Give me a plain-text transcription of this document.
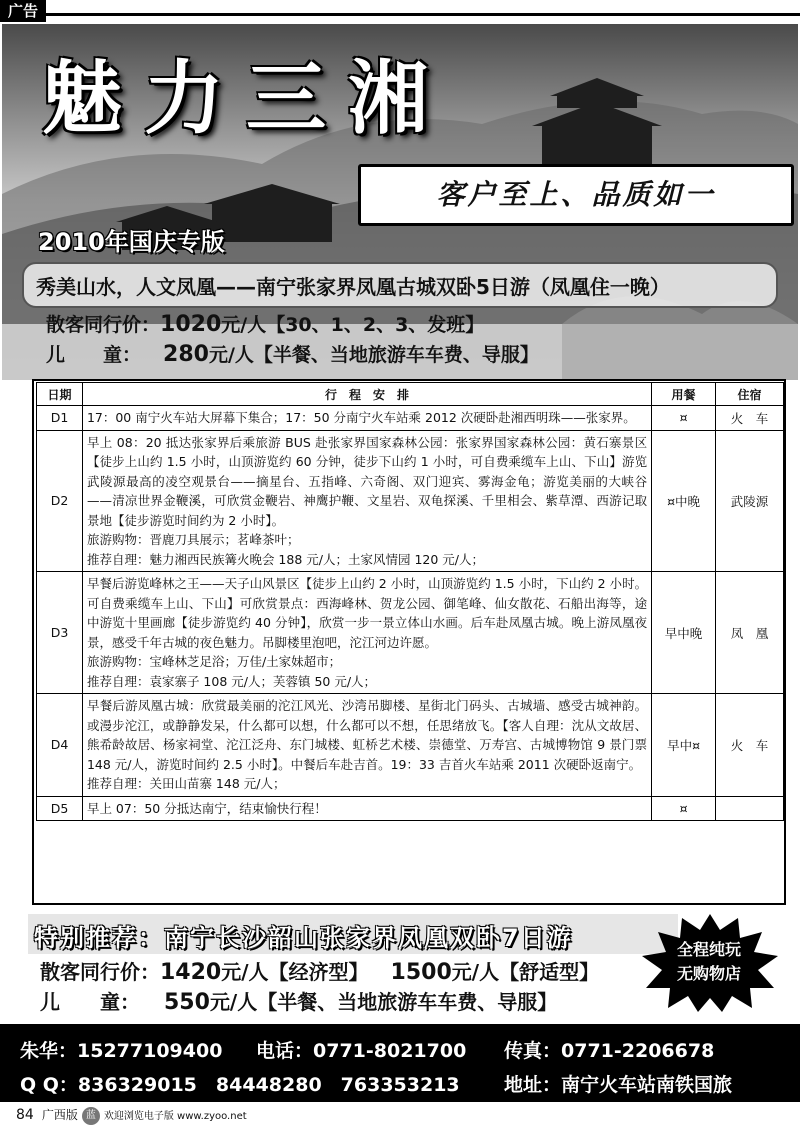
广告
魅力三湘
客户至上、品质如一
2010年国庆专版
秀美山水，人文凤凰——南宁张家界凤凰古城双卧5日游（凤凰住一晚）
散客同行价：1020元/人【30、1、2、3、发班】
儿　　童： 280元/人【半餐、当地旅游车车费、导服】
日期	行　程　安　排	用餐	住宿
D1	17：00 南宁火车站大屏幕下集合；17：50 分南宁火车站乘 2012 次硬卧赴湘西明珠——张家界。	¤	火　车
D2	早上 08：20 抵达张家界后乘旅游 BUS 赴张家界国家森林公园：张家界国家森林公园：黄石寨景区【徒步上山约 1.5 小时，山顶游览约 60 分钟，徒步下山约 1 小时，可自费乘缆车上山、下山】游览武陵源最高的凌空观景台——摘星台、五指峰、六奇阁、双门迎宾、雾海金龟；游览美丽的大峡谷——清凉世界金鞭溪，可欣赏金鞭岩、神鹰护鞭、文星岩、双龟探溪、千里相会、紫草潭、西游记取景地【徒步游览时间约为 2 小时】。
旅游购物：晋鹿刀具展示；茗峰茶叶；
推荐自理：魅力湘西民族篝火晚会 188 元/人；土家风情园 120 元/人；	¤中晚	武陵源
D3	早餐后游览峰林之王——天子山风景区【徒步上山约 2 小时，山顶游览约 1.5 小时，下山约 2 小时。可自费乘缆车上山、下山】可欣赏景点：西海峰林、贺龙公园、御笔峰、仙女散花、石船出海等，途中游览十里画廊【徒步游览约 40 分钟】，欣赏一步一景立体山水画。后车赴凤凰古城。晚上游凤凰夜景，感受千年古城的夜色魅力。吊脚楼里泡吧，沱江河边许愿。
旅游购物：宝峰林芝足浴；万佳/土家妹超市；
推荐自理：袁家寨子 108 元/人；芙蓉镇 50 元/人；	早中晚	凤　凰
D4	早餐后游凤凰古城：欣赏最美丽的沱江风光、沙湾吊脚楼、星街北门码头、古城墙、感受古城神韵。或漫步沱江，或静静发呆，什么都可以想，什么都可以不想，任思绪放飞。【客人自理：沈从文故居、熊希龄故居、杨家祠堂、沱江泛舟、东门城楼、虹桥艺术楼、崇德堂、万寿宫、古城博物馆 9 景门票 148 元/人，游览时间约 2.5 小时】。中餐后车赴吉首。19：33 吉首火车站乘 2011 次硬卧返南宁。
推荐自理：关田山苗寨 148 元/人；	早中¤	火　车
D5	早上 07：50 分抵达南宁，结束愉快行程！	¤	
特别推荐：南宁长沙韶山张家界凤凰双卧7日游
散客同行价：1420元/人【经济型】 1500元/人【舒适型】
儿　　童： 550元/人【半餐、当地旅游车车费、导服】
全程纯玩
无购物店
朱华：15277109400 电话：0771-8021700 传真：0771-2206678
Q Q：836329015　84448280　763353213 地址：南宁火车站南铁国旅
84 广西版 蓝 欢迎浏览电子版 www.zyoo.net
